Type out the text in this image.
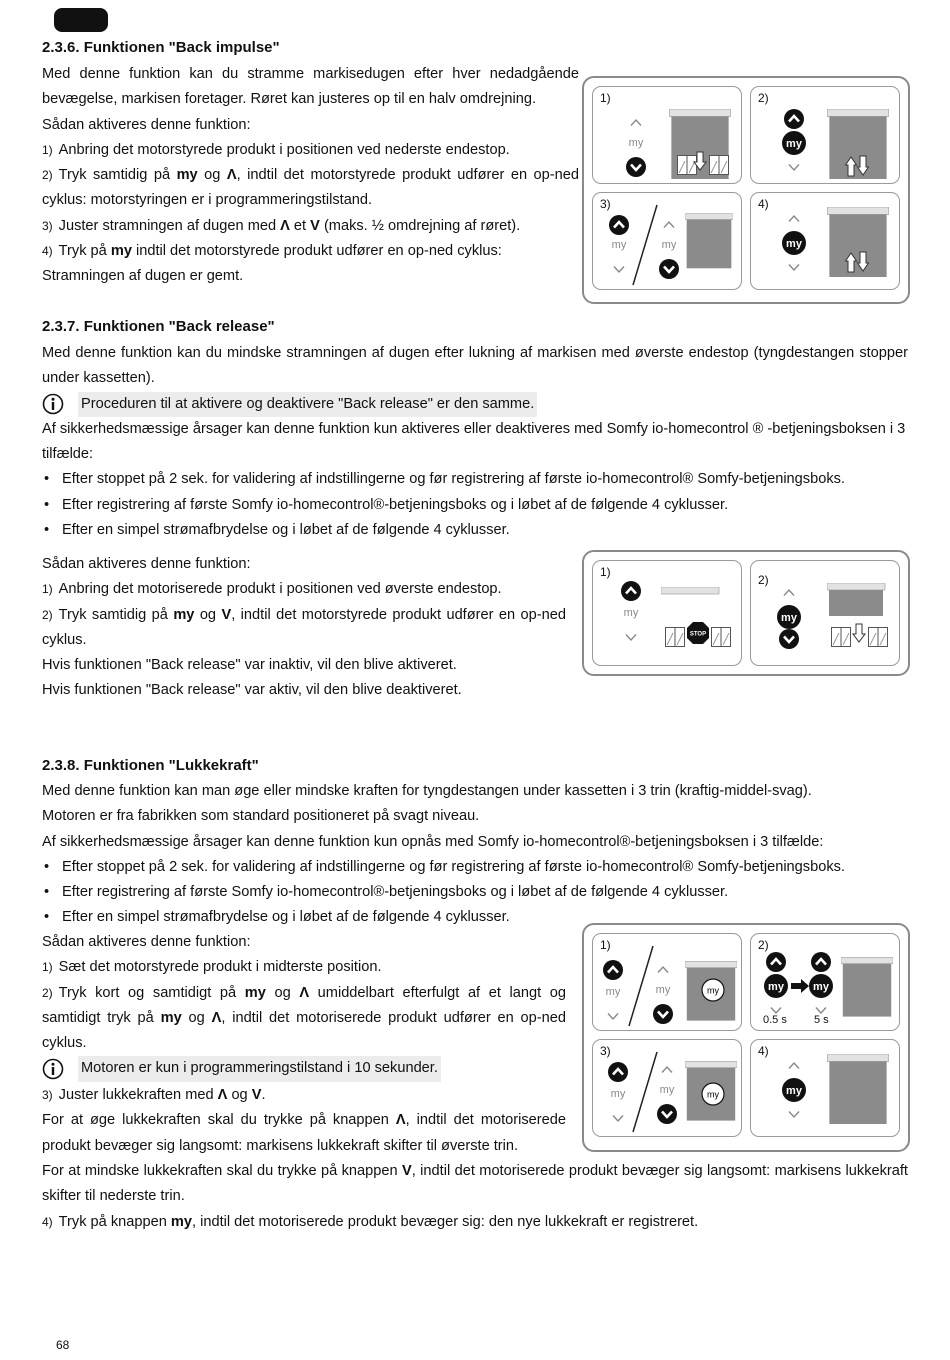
2.3.6. Funktionen "Back impulse"

Med denne funktion kan du stramme markisedugen efter hver nedadgående bevægelse, markisen foretager. Røret kan justeres op til en halv omdrejning.

Sådan aktiveres denne funktion:

1) Anbring det motorstyrede produkt i positionen ved nederste endestop.

2) Tryk samtidig på my og Λ, indtil det motorstyrede produkt udfører en op-ned cyklus: motorstyringen er i programmeringstilstand.

3) Juster stramningen af dugen med Λ et V (maks. ½ omdrejning af røret).

4) Tryk på my indtil det motorstyrede produkt udfører en op-ned cyklus: Stramningen af dugen er gemt.

1)	2)
3)	4)
2.3.7. Funktionen "Back release"

Med denne funktion kan du mindske stramningen af dugen efter lukning af markisen med øverste endestop (tyngdestangen stopper under kassetten).

Proceduren til at aktivere og deaktivere "Back release" er den samme.

Af sikkerhedsmæssige årsager kan denne funktion kun aktiveres eller deaktiveres med Somfy io-homecontrol ® -betjeningsboksen i 3 tilfælde:

• Efter stoppet på 2 sek. for validering af indstillingerne og før registrering af første io-homecontrol® Somfy-betjeningsboks.

• Efter registrering af første Somfy io-homecontrol®-betjeningsboks og i løbet af de følgende 4 cyklusser.

• Efter en simpel strømafbrydelse og i løbet af de følgende 4 cyklusser.

Sådan aktiveres denne funktion:

1) Anbring det motoriserede produkt i positionen ved øverste endestop.

2) Tryk samtidig på my og V, indtil det motorstyrede produkt udfører en op-ned cyklus.

Hvis funktionen "Back release" var inaktiv, vil den blive aktiveret.

Hvis funktionen "Back release" var aktiv, vil den blive deaktiveret.

1)
STOP
2)
2.3.8. Funktionen "Lukkekraft"

Med denne funktion kan man øge eller mindske kraften for tyngdestangen under kassetten i 3 trin (kraftig-middel-svag).

Motoren er fra fabrikken som standard positioneret på svagt niveau.

Af sikkerhedsmæssige årsager kan denne funktion kun opnås med Somfy io-homecontrol®-betjeningsboksen i 3 tilfælde:

• Efter stoppet på 2 sek. for validering af indstillingerne og før registrering af første io-homecontrol® Somfy-betjeningsboks.

• Efter registrering af første Somfy io-homecontrol®-betjeningsboks og i løbet af de følgende 4 cyklusser.

• Efter en simpel strømafbrydelse og i løbet af de følgende 4 cyklusser.

Sådan aktiveres denne funktion:

1) Sæt det motorstyrede produkt i midterste position.

2) Tryk kort og samtidigt på my og Λ umiddelbart efterfulgt af et langt og samtidigt tryk på my og Λ, indtil det motoriserede produkt udfører en op-ned cyklus.

Motoren er kun i programmeringstilstand i 10 sekunder.

3) Juster lukkekraften med Λ og V.

For at øge lukkekraften skal du trykke på knappen Λ, indtil det motoriserede produkt bevæger sig langsomt: markisens lukkekraft skifter til øverste trin.

For at mindske lukkekraften skal du trykke på knappen V, indtil det motoriserede produkt bevæger sig langsomt: markisens lukkekraft skifter til nederste trin.

4) Tryk på knappen my, indtil det motoriserede produkt bevæger sig: den nye lukkekraft er registreret.

1)
my
2)
0.5 s 5 s
3)
my
4)
68
